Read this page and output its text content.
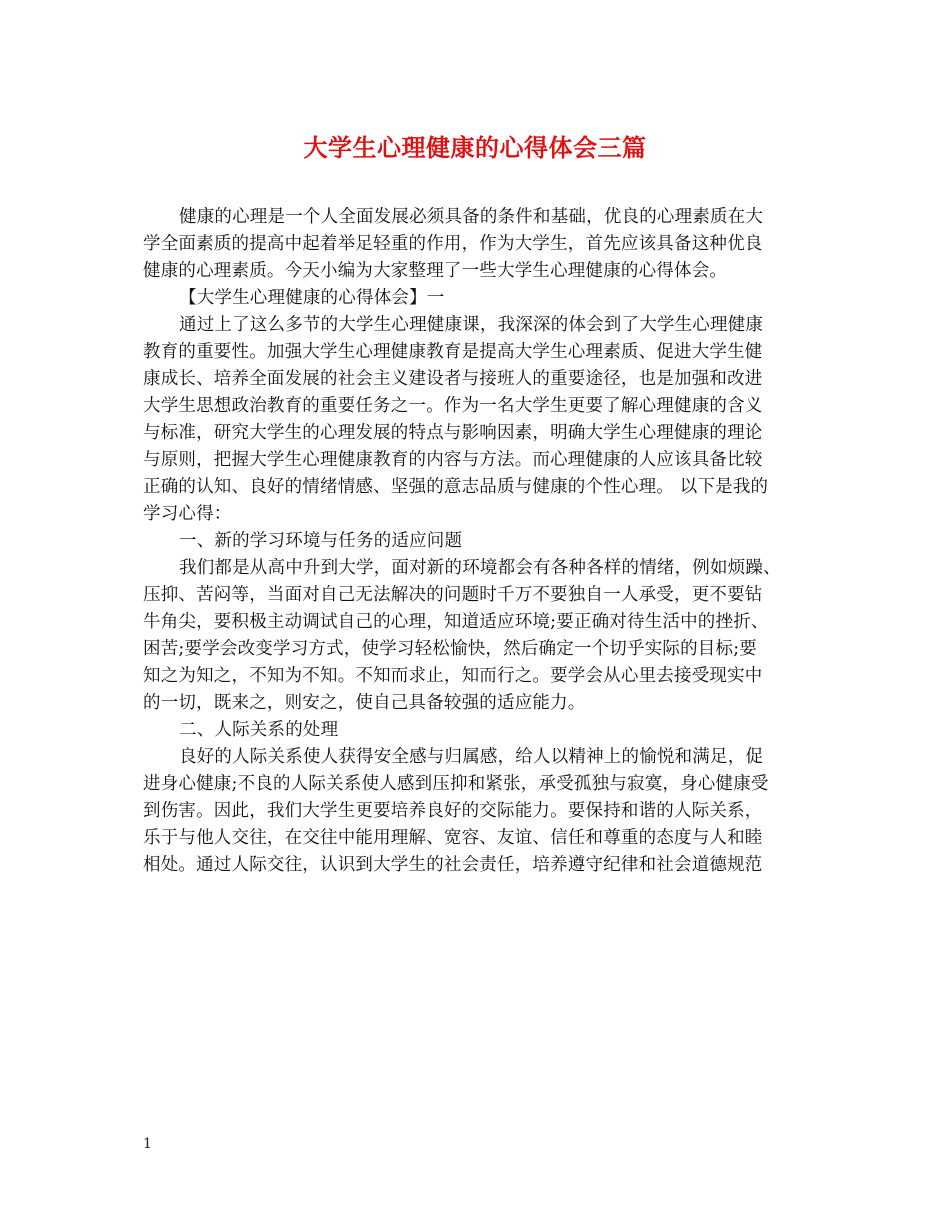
大学生心理健康的心得体会三篇

健康的心理是一个人全面发展必须具备的条件和基础，优良的心理素质在大
学全面素质的提高中起着举足轻重的作用，作为大学生，首先应该具备这种优良
健康的心理素质。今天小编为大家整理了一些大学生心理健康的心得体会。

【大学生心理健康的心得体会】一

通过上了这么多节的大学生心理健康课，我深深的体会到了大学生心理健康
教育的重要性。加强大学生心理健康教育是提高大学生心理素质、促进大学生健
康成长、培养全面发展的社会主义建设者与接班人的重要途径，也是加强和改进
大学生思想政治教育的重要任务之一。作为一名大学生更要了解心理健康的含义
与标准，研究大学生的心理发展的特点与影响因素，明确大学生心理健康的理论
与原则，把握大学生心理健康教育的内容与方法。而心理健康的人应该具备比较
正确的认知、良好的情绪情感、坚强的意志品质与健康的个性心理。 以下是我的
学习心得：

一、新的学习环境与任务的适应问题

我们都是从高中升到大学，面对新的环境都会有各种各样的情绪，例如烦躁、
压抑、苦闷等，当面对自己无法解决的问题时千万不要独自一人承受，更不要钻
牛角尖，要积极主动调试自己的心理，知道适应环境;要正确对待生活中的挫折、
困苦;要学会改变学习方式，使学习轻松愉快，然后确定一个切乎实际的目标;要
知之为知之，不知为不知。不知而求止，知而行之。要学会从心里去接受现实中
的一切，既来之，则安之，使自己具备较强的适应能力。

二、人际关系的处理

良好的人际关系使人获得安全感与归属感，给人以精神上的愉悦和满足，促
进身心健康;不良的人际关系使人感到压抑和紧张，承受孤独与寂寞，身心健康受
到伤害。因此，我们大学生更要培养良好的交际能力。要保持和谐的人际关系，
乐于与他人交往，在交往中能用理解、宽容、友谊、信任和尊重的态度与人和睦
相处。通过人际交往，认识到大学生的社会责任，培养遵守纪律和社会道德规范

1
